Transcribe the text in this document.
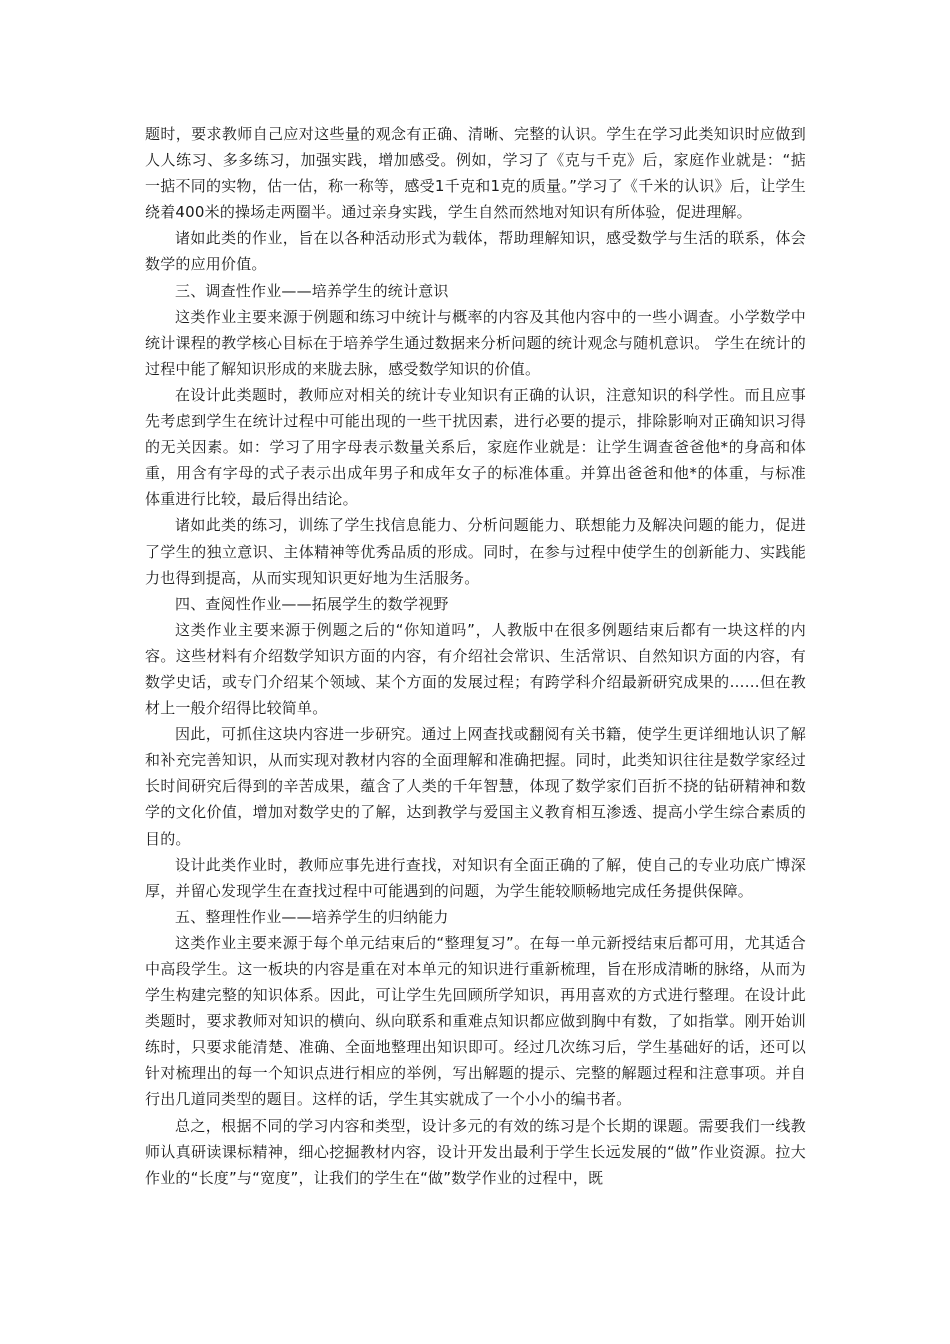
题时，要求教师自己应对这些量的观念有正确、清晰、完整的认识。学生在学习此类知识时应做到人人练习、多多练习，加强实践，增加感受。例如，学习了《克与千克》后，家庭作业就是：“掂一掂不同的实物，估一估，称一称等，感受1千克和1克的质量。”学习了《千米的认识》后，让学生绕着400米的操场走两圈半。通过亲身实践，学生自然而然地对知识有所体验，促进理解。

诸如此类的作业，旨在以各种活动形式为载体，帮助理解知识，感受数学与生活的联系，体会数学的应用价值。

三、调查性作业——培养学生的统计意识

这类作业主要来源于例题和练习中统计与概率的内容及其他内容中的一些小调查。小学数学中统计课程的教学核心目标在于培养学生通过数据来分析问题的统计观念与随机意识。 学生在统计的过程中能了解知识形成的来胧去脉，感受数学知识的价值。

在设计此类题时，教师应对相关的统计专业知识有正确的认识，注意知识的科学性。而且应事先考虑到学生在统计过程中可能出现的一些干扰因素，进行必要的提示，排除影响对正确知识习得的无关因素。如：学习了用字母表示数量关系后，家庭作业就是：让学生调查爸爸他*的身高和体重，用含有字母的式子表示出成年男子和成年女子的标准体重。并算出爸爸和他*的体重，与标准体重进行比较，最后得出结论。

诸如此类的练习，训练了学生找信息能力、分析问题能力、联想能力及解决问题的能力，促进了学生的独立意识、主体精神等优秀品质的形成。同时，在参与过程中使学生的创新能力、实践能力也得到提高，从而实现知识更好地为生活服务。

四、查阅性作业——拓展学生的数学视野

这类作业主要来源于例题之后的“你知道吗”，人教版中在很多例题结束后都有一块这样的内容。这些材料有介绍数学知识方面的内容，有介绍社会常识、生活常识、自然知识方面的内容，有数学史话，或专门介绍某个领域、某个方面的发展过程；有跨学科介绍最新研究成果的……但在教材上一般介绍得比较简单。

因此，可抓住这块内容进一步研究。通过上网查找或翻阅有关书籍，使学生更详细地认识了解和补充完善知识，从而实现对教材内容的全面理解和准确把握。同时，此类知识往往是数学家经过长时间研究后得到的辛苦成果，蕴含了人类的千年智慧，体现了数学家们百折不挠的钻研精神和数学的文化价值，增加对数学史的了解，达到教学与爱国主义教育相互渗透、提高小学生综合素质的目的。

设计此类作业时，教师应事先进行查找，对知识有全面正确的了解，使自己的专业功底广博深厚，并留心发现学生在查找过程中可能遇到的问题，为学生能较顺畅地完成任务提供保障。

五、整理性作业——培养学生的归纳能力

这类作业主要来源于每个单元结束后的“整理复习”。在每一单元新授结束后都可用，尤其适合中高段学生。这一板块的内容是重在对本单元的知识进行重新梳理，旨在形成清晰的脉络，从而为学生构建完整的知识体系。因此，可让学生先回顾所学知识，再用喜欢的方式进行整理。在设计此类题时，要求教师对知识的横向、纵向联系和重难点知识都应做到胸中有数，了如指掌。刚开始训练时，只要求能清楚、准确、全面地整理出知识即可。经过几次练习后，学生基础好的话，还可以针对梳理出的每一个知识点进行相应的举例，写出解题的提示、完整的解题过程和注意事项。并自行出几道同类型的题目。这样的话，学生其实就成了一个小小的编书者。

总之，根据不同的学习内容和类型，设计多元的有效的练习是个长期的课题。需要我们一线教师认真研读课标精神，细心挖掘教材内容，设计开发出最利于学生长远发展的“做”作业资源。拉大作业的“长度”与“宽度”，让我们的学生在“做”数学作业的过程中，既
